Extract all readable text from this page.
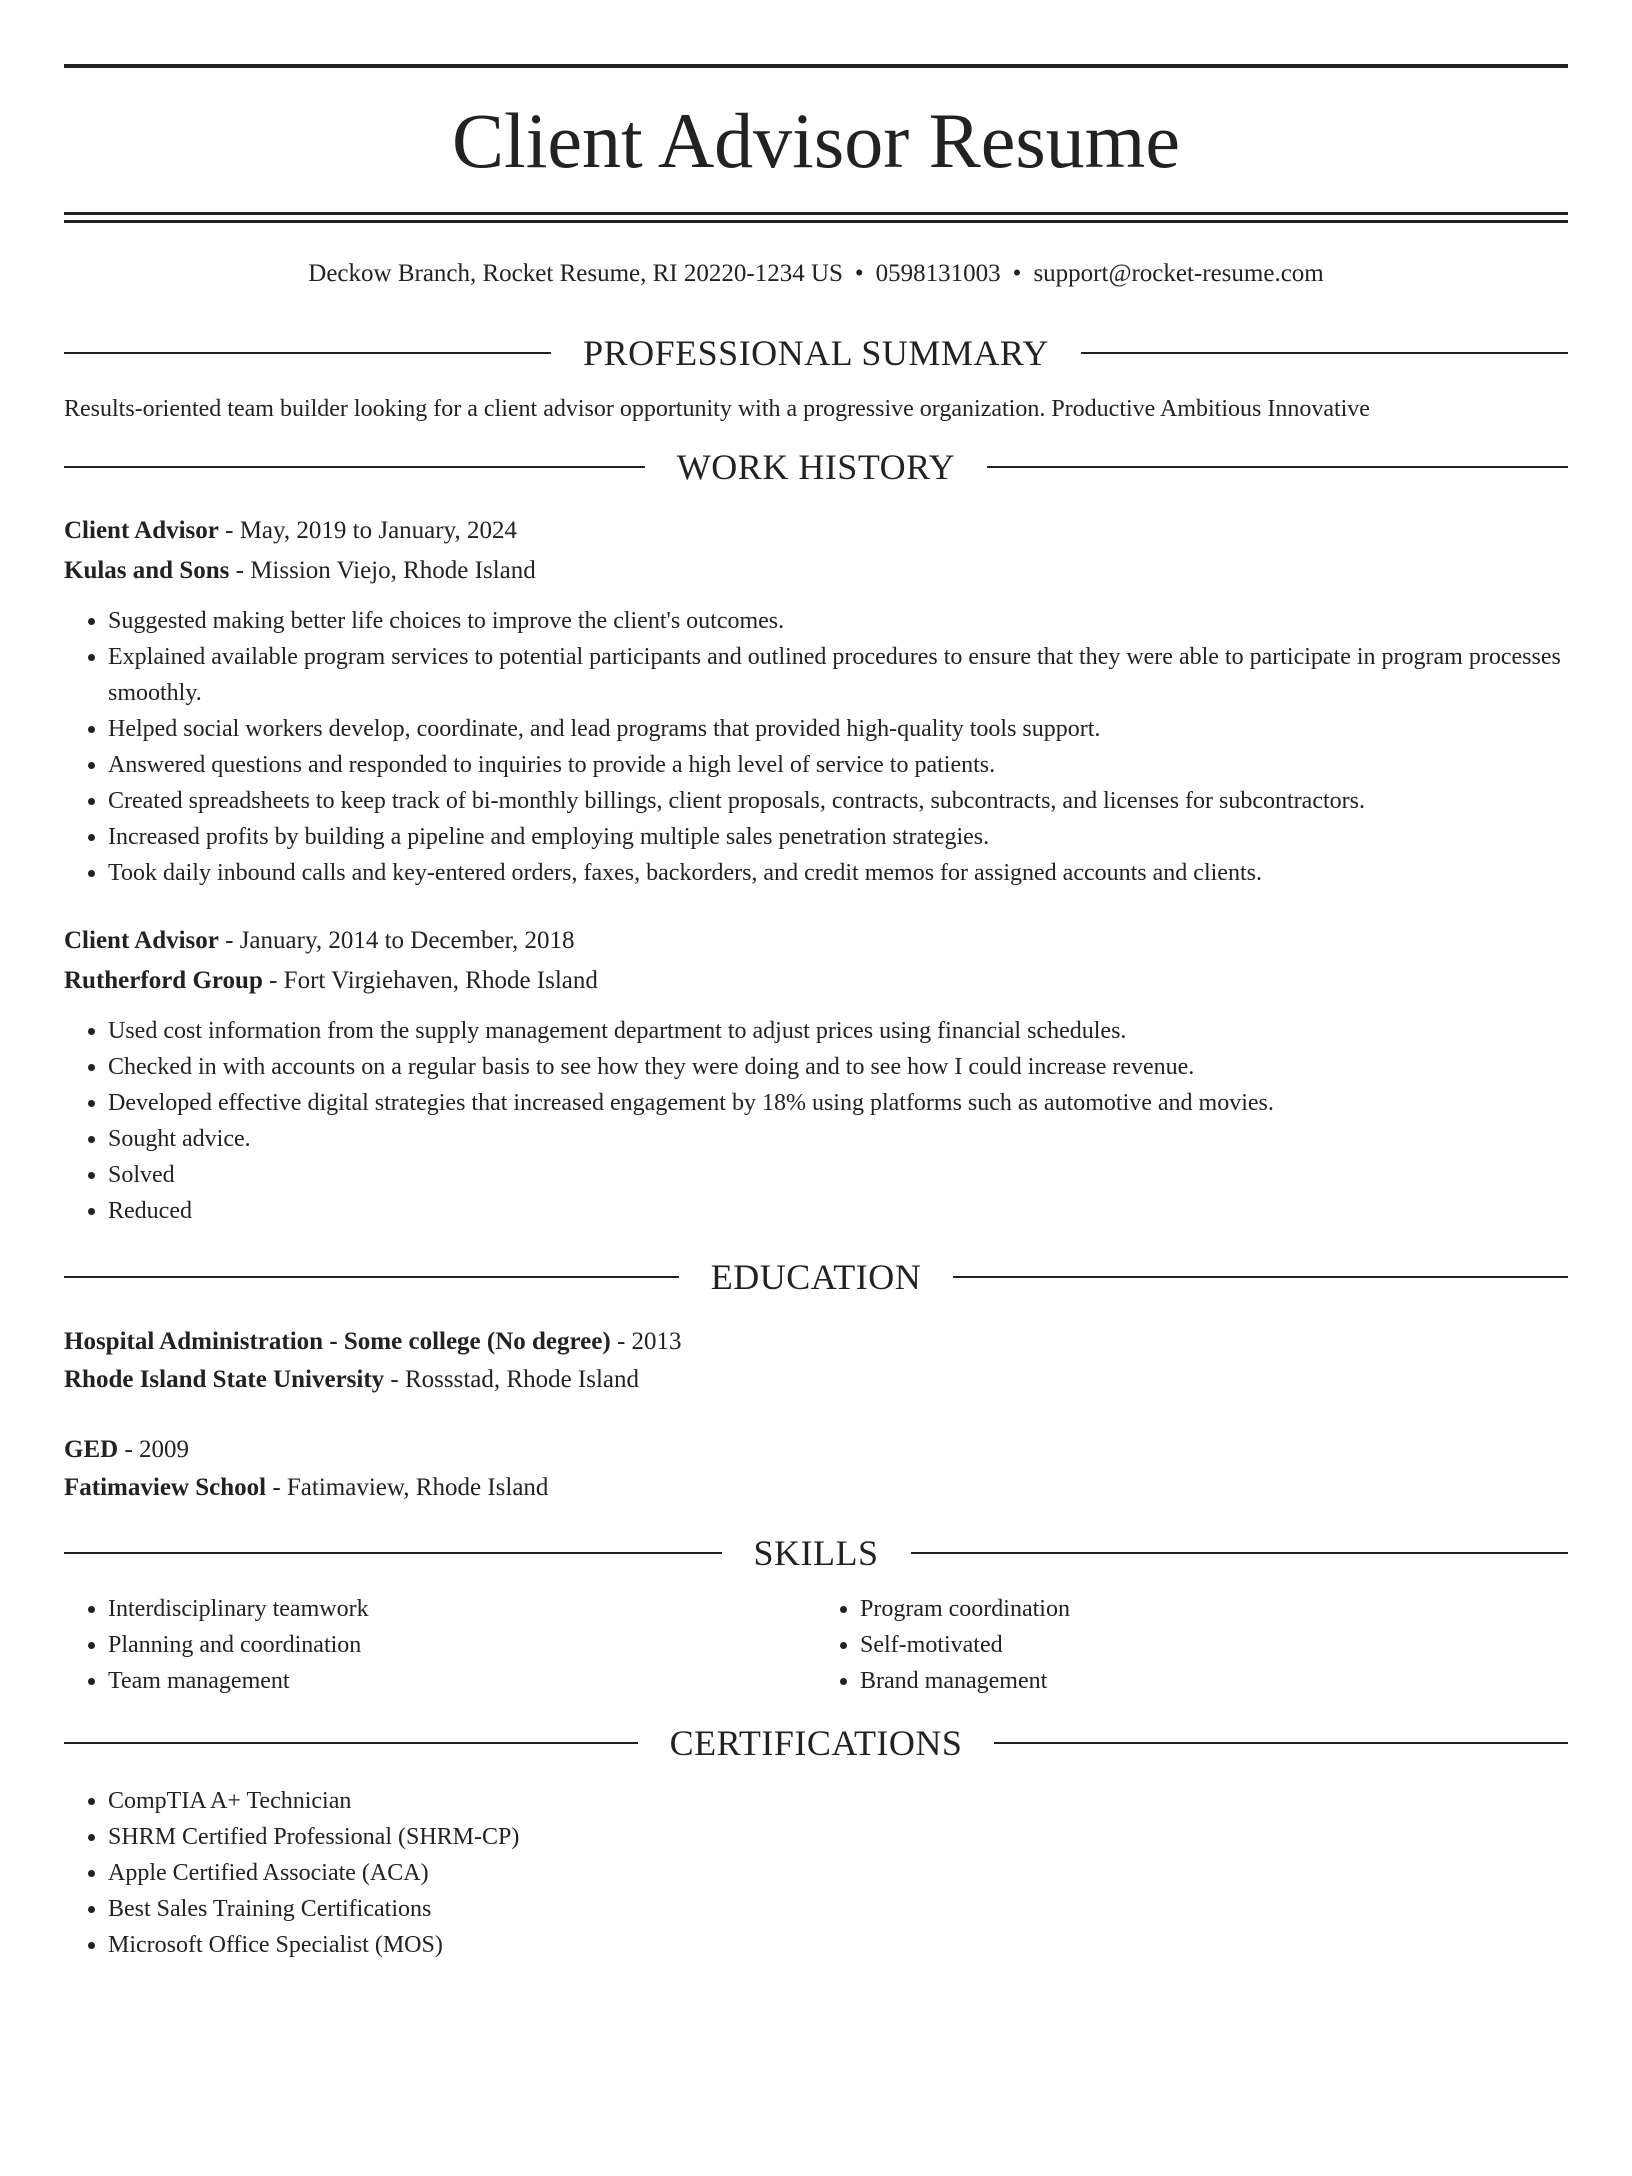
Client Advisor Resume
Deckow Branch, Rocket Resume, RI 20220-1234 US • 0598131003 • support@rocket-resume.com
PROFESSIONAL SUMMARY
Results-oriented team builder looking for a client advisor opportunity with a progressive organization. Productive Ambitious Innovative
WORK HISTORY
Client Advisor - May, 2019 to January, 2024
Kulas and Sons - Mission Viejo, Rhode Island
• Suggested making better life choices to improve the client's outcomes.
• Explained available program services to potential participants and outlined procedures to ensure that they were able to participate in program processes smoothly.
• Helped social workers develop, coordinate, and lead programs that provided high-quality tools support.
• Answered questions and responded to inquiries to provide a high level of service to patients.
• Created spreadsheets to keep track of bi-monthly billings, client proposals, contracts, subcontracts, and licenses for subcontractors.
• Increased profits by building a pipeline and employing multiple sales penetration strategies.
• Took daily inbound calls and key-entered orders, faxes, backorders, and credit memos for assigned accounts and clients.
Client Advisor - January, 2014 to December, 2018
Rutherford Group - Fort Virgiehaven, Rhode Island
• Used cost information from the supply management department to adjust prices using financial schedules.
• Checked in with accounts on a regular basis to see how they were doing and to see how I could increase revenue.
• Developed effective digital strategies that increased engagement by 18% using platforms such as automotive and movies.
• Sought advice.
• Solved
• Reduced
EDUCATION
Hospital Administration - Some college (No degree) - 2013
Rhode Island State University - Rossstad, Rhode Island
GED - 2009
Fatimaview School - Fatimaview, Rhode Island
SKILLS
• Interdisciplinary teamwork
• Planning and coordination
• Team management
• Program coordination
• Self-motivated
• Brand management
CERTIFICATIONS
• CompTIA A+ Technician
• SHRM Certified Professional (SHRM-CP)
• Apple Certified Associate (ACA)
• Best Sales Training Certifications
• Microsoft Office Specialist (MOS)
